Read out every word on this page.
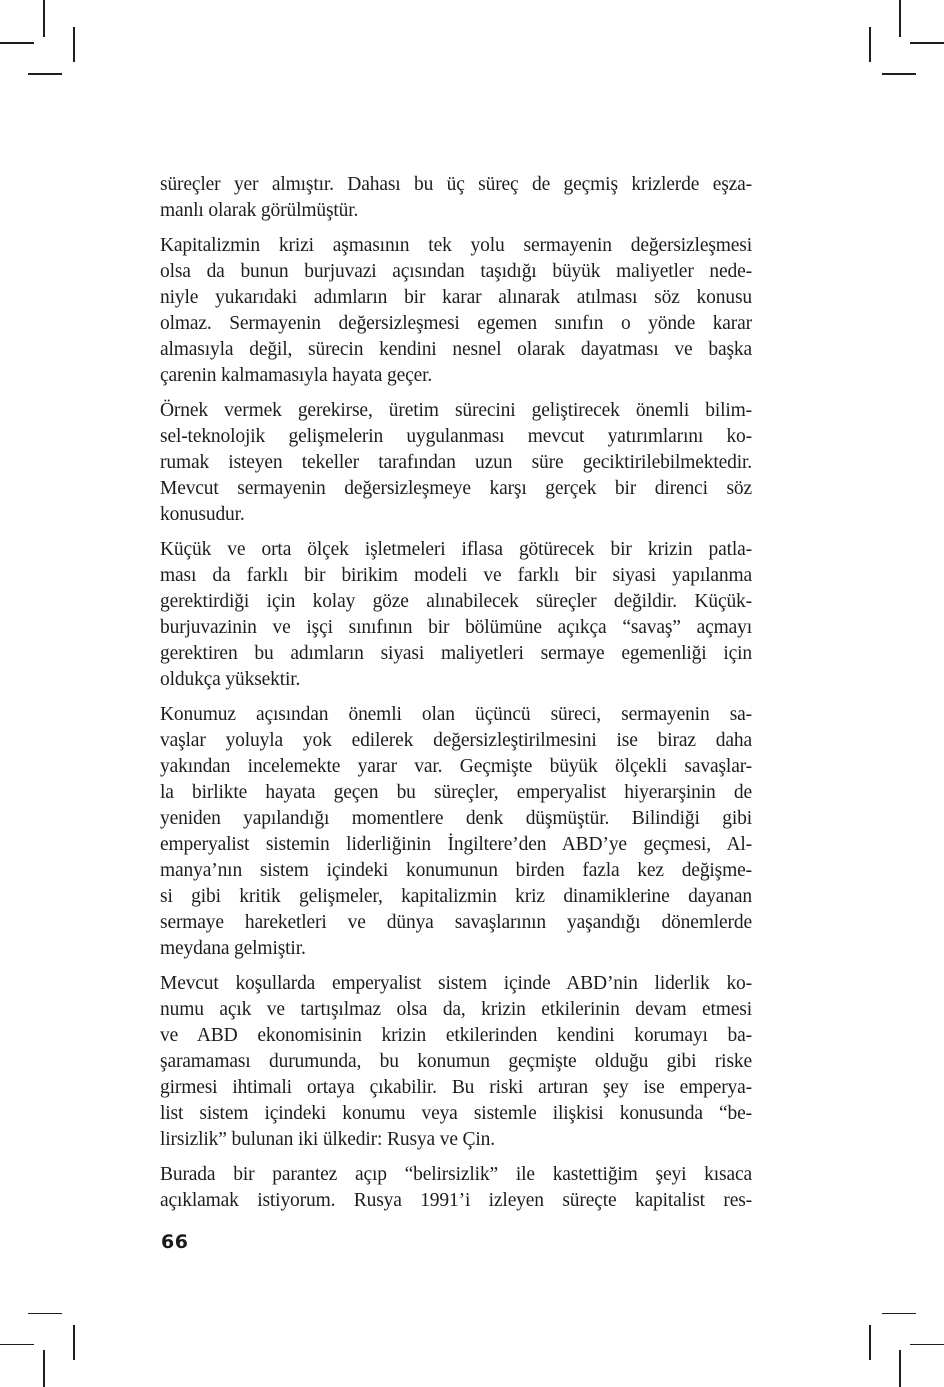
süreçler yer almıştır. Dahası bu üç süreç de geçmiş krizlerde eşza-
manlı olarak görülmüştür.

Kapitalizmin krizi aşmasının tek yolu sermayenin değersizleşmesi
olsa da bunun burjuvazi açısından taşıdığı büyük maliyetler nede-
niyle yukarıdaki adımların bir karar alınarak atılması söz konusu
olmaz. Sermayenin değersizleşmesi egemen sınıfın o yönde karar
almasıyla değil, sürecin kendini nesnel olarak dayatması ve başka
çarenin kalmamasıyla hayata geçer.

Örnek vermek gerekirse, üretim sürecini geliştirecek önemli bilim-
sel-teknolojik gelişmelerin uygulanması mevcut yatırımlarını ko-
rumak isteyen tekeller tarafından uzun süre geciktirilebilmektedir.
Mevcut sermayenin değersizleşmeye karşı gerçek bir direnci söz
konusudur.

Küçük ve orta ölçek işletmeleri iflasa götürecek bir krizin patla-
ması da farklı bir birikim modeli ve farklı bir siyasi yapılanma
gerektirdiği için kolay göze alınabilecek süreçler değildir. Küçük-
burjuvazinin ve işçi sınıfının bir bölümüne açıkça “savaş” açmayı
gerektiren bu adımların siyasi maliyetleri sermaye egemenliği için
oldukça yüksektir.

Konumuz açısından önemli olan üçüncü süreci, sermayenin sa-
vaşlar yoluyla yok edilerek değersizleştirilmesini ise biraz daha
yakından incelemekte yarar var. Geçmişte büyük ölçekli savaşlar-
la birlikte hayata geçen bu süreçler, emperyalist hiyerarşinin de
yeniden yapılandığı momentlere denk düşmüştür. Bilindiği gibi
emperyalist sistemin liderliğinin İngiltere’den ABD’ye geçmesi, Al-
manya’nın sistem içindeki konumunun birden fazla kez değişme-
si gibi kritik gelişmeler, kapitalizmin kriz dinamiklerine dayanan
sermaye hareketleri ve dünya savaşlarının yaşandığı dönemlerde
meydana gelmiştir.

Mevcut koşullarda emperyalist sistem içinde ABD’nin liderlik ko-
numu açık ve tartışılmaz olsa da, krizin etkilerinin devam etmesi
ve ABD ekonomisinin krizin etkilerinden kendini korumayı ba-
şaramaması durumunda, bu konumun geçmişte olduğu gibi riske
girmesi ihtimali ortaya çıkabilir. Bu riski artıran şey ise emperya-
list sistem içindeki konumu veya sistemle ilişkisi konusunda “be-
lirsizlik” bulunan iki ülkedir: Rusya ve Çin.

Burada bir parantez açıp “belirsizlik” ile kastettiğim şeyi kısaca
açıklamak istiyorum. Rusya 1991’i izleyen süreçte kapitalist res-

66
